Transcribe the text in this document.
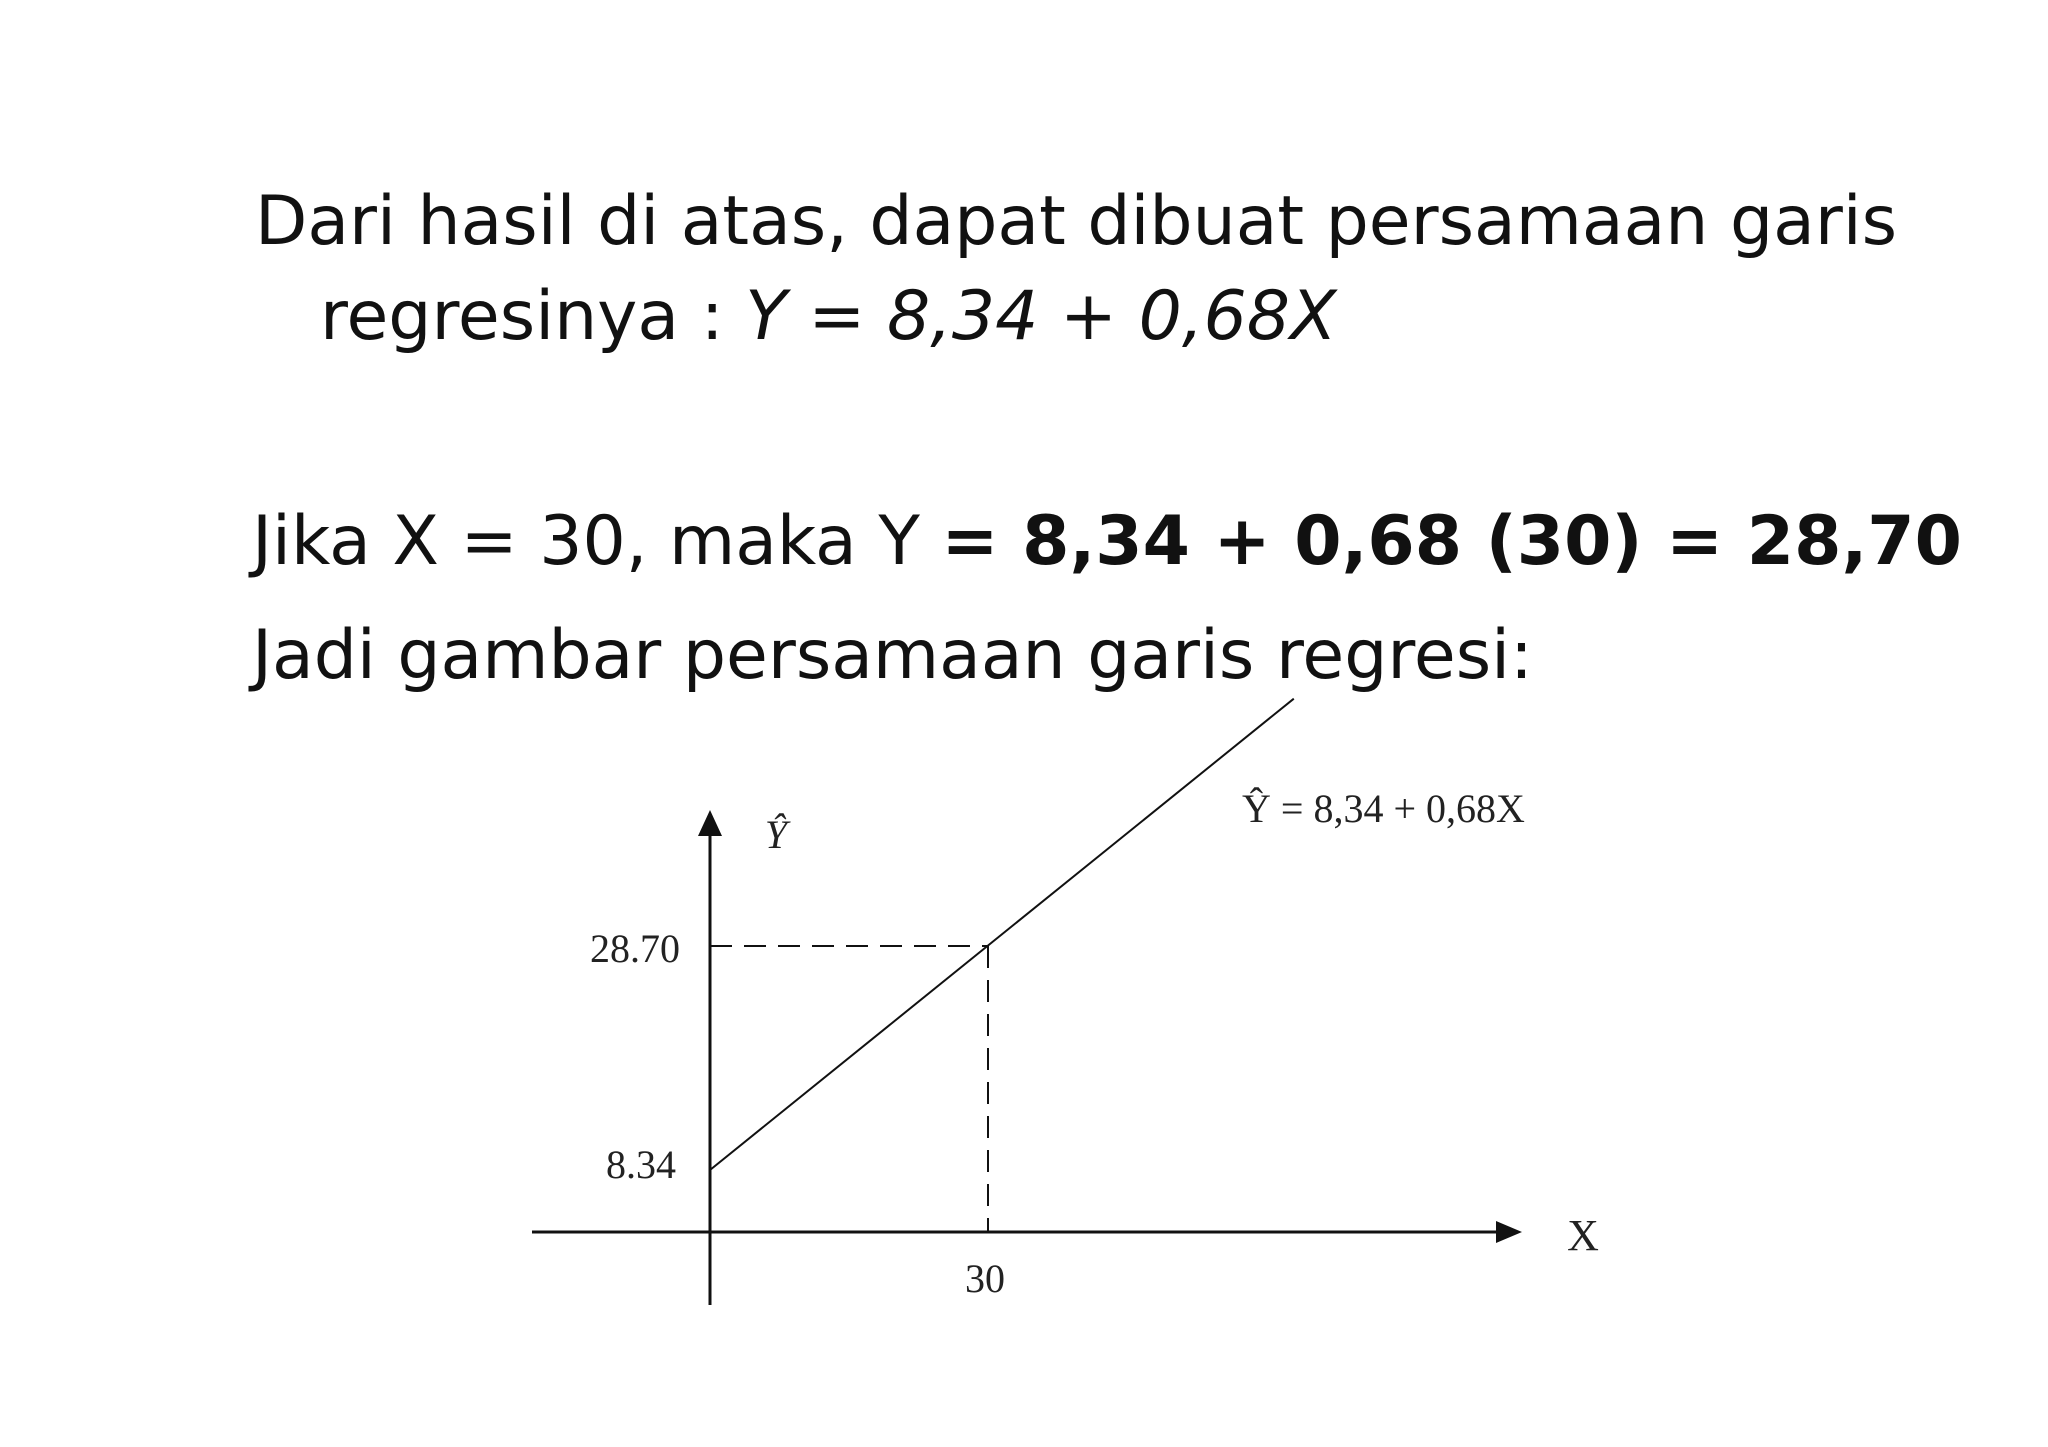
Dari hasil di atas, dapat dibuat persamaan garis
regresinya : Y = 8,34 + 0,68X
Jika X = 30, maka Y = 8,34 + 0,68 (30) = 28,70
Jadi gambar persamaan garis regresi:
Ŷ
X
28.70
8.34
30
Ŷ = 8,34 + 0,68X
